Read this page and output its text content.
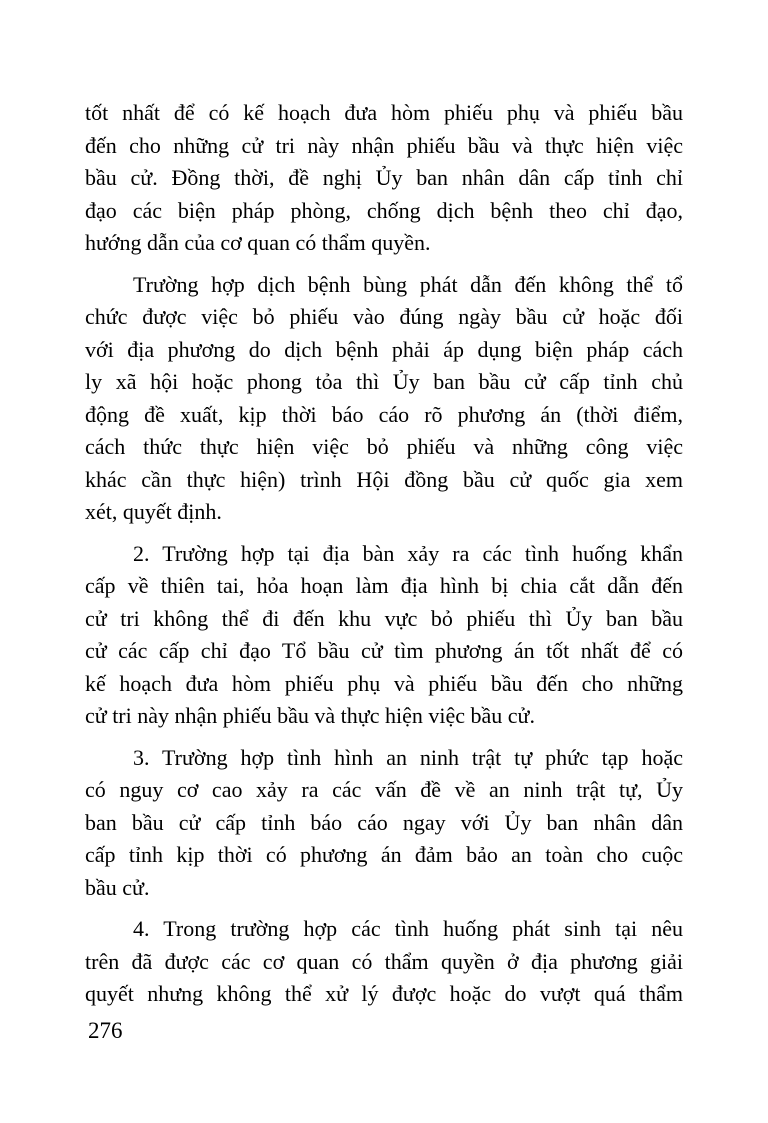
tốt nhất để có kế hoạch đưa hòm phiếu phụ và phiếu bầu
đến cho những cử tri này nhận phiếu bầu và thực hiện việc
bầu cử. Đồng thời, đề nghị Ủy ban nhân dân cấp tỉnh chỉ
đạo các biện pháp phòng, chống dịch bệnh theo chỉ đạo,
hướng dẫn của cơ quan có thẩm quyền.

Trường hợp dịch bệnh bùng phát dẫn đến không thể tổ
chức được việc bỏ phiếu vào đúng ngày bầu cử hoặc đối
với địa phương do dịch bệnh phải áp dụng biện pháp cách
ly xã hội hoặc phong tỏa thì Ủy ban bầu cử cấp tỉnh chủ
động đề xuất, kịp thời báo cáo rõ phương án (thời điểm,
cách thức thực hiện việc bỏ phiếu và những công việc
khác cần thực hiện) trình Hội đồng bầu cử quốc gia xem
xét, quyết định.

2. Trường hợp tại địa bàn xảy ra các tình huống khẩn
cấp về thiên tai, hỏa hoạn làm địa hình bị chia cắt dẫn đến
cử tri không thể đi đến khu vực bỏ phiếu thì Ủy ban bầu
cử các cấp chỉ đạo Tổ bầu cử tìm phương án tốt nhất để có
kế hoạch đưa hòm phiếu phụ và phiếu bầu đến cho những
cử tri này nhận phiếu bầu và thực hiện việc bầu cử.

3. Trường hợp tình hình an ninh trật tự phức tạp hoặc
có nguy cơ cao xảy ra các vấn đề về an ninh trật tự, Ủy
ban bầu cử cấp tỉnh báo cáo ngay với Ủy ban nhân dân
cấp tỉnh kịp thời có phương án đảm bảo an toàn cho cuộc
bầu cử.

4. Trong trường hợp các tình huống phát sinh tại nêu
trên đã được các cơ quan có thẩm quyền ở địa phương giải
quyết nhưng không thể xử lý được hoặc do vượt quá thẩm

276
